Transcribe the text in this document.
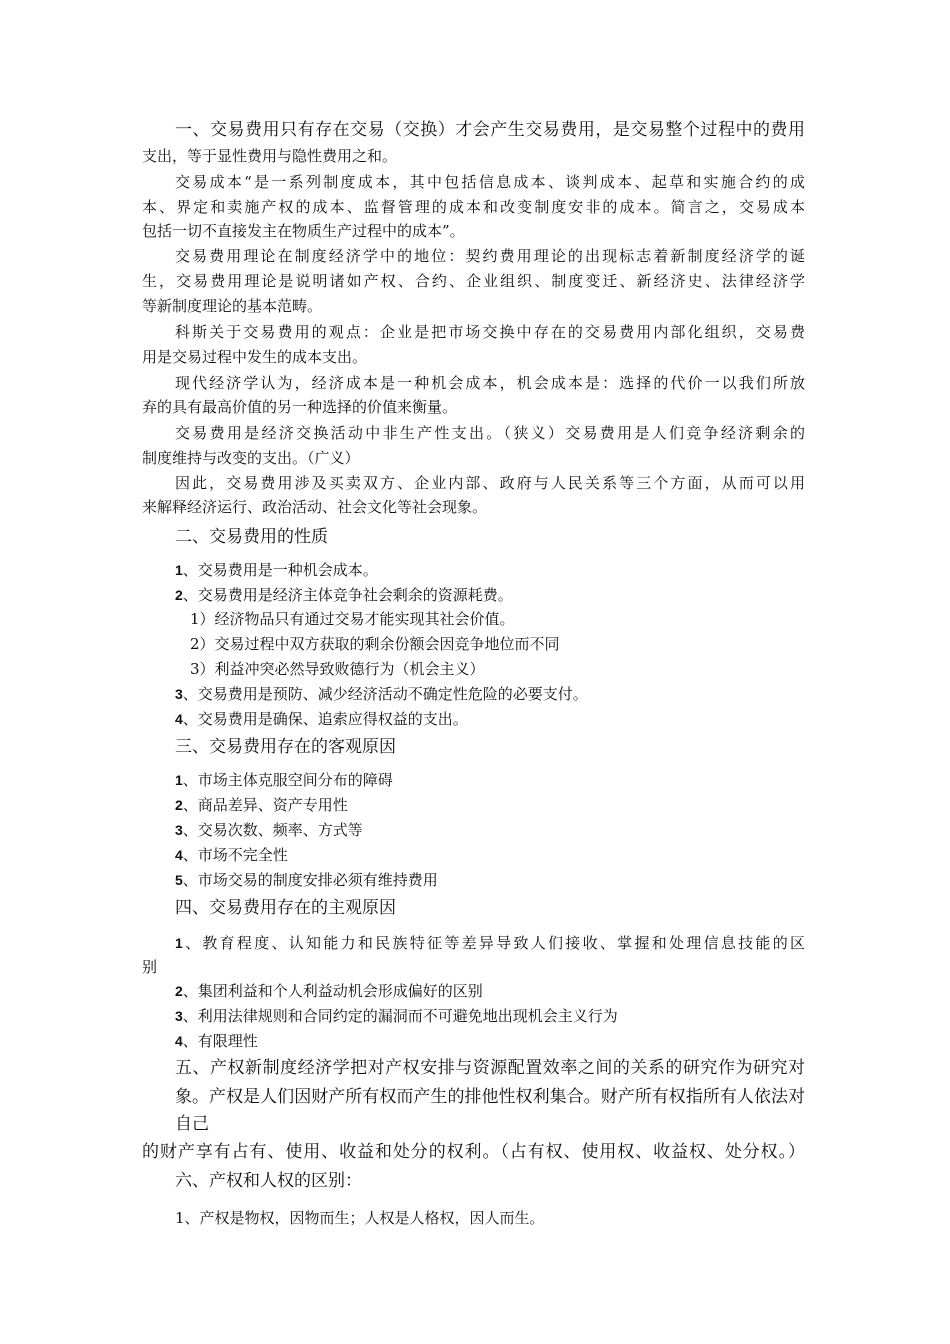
一、交易费用只有存在交易（交换）才会产生交易费用，是交易整个过程中的费用
支出，等于显性费用与隐性费用之和。
交易成本“是一系列制度成本，其中包括信息成本、谈判成本、起草和实施合约的成
本、界定和卖施产权的成本、监督管理的成本和改变制度安非的成本。简言之，交易成本
包括一切不直接发主在物质生产过程中的成本”。
交易费用理论在制度经济学中的地位：契约费用理论的出现标志着新制度经济学的诞
生，交易费用理论是说明诸如产权、合约、企业组织、制度变迁、新经济史、法律经济学
等新制度理论的基本范畴。
科斯关于交易费用的观点：企业是把市场交换中存在的交易费用内部化组织，交易费
用是交易过程中发生的成本支出。
现代经济学认为，经济成本是一种机会成本，机会成本是：选择的代价一以我们所放
弃的具有最高价值的另一种选择的价值来衡量。
交易费用是经济交换活动中非生产性支出。（狭义）交易费用是人们竞争经济剩余的
制度维持与改变的支出。（广义）
因此，交易费用涉及买卖双方、企业内部、政府与人民关系等三个方面，从而可以用
来解释经济运行、政治活动、社会文化等社会现象。
二、交易费用的性质
1、交易费用是一种机会成本。
2、交易费用是经济主体竞争社会剩余的资源耗费。
1）经济物品只有通过交易才能实现其社会价值。
2）交易过程中双方获取的剩余份额会因竞争地位而不同
3）利益冲突必然导致败德行为（机会主义）
3、交易费用是预防、减少经济活动不确定性危险的必要支付。
4、交易费用是确保、追索应得权益的支出。
三、交易费用存在的客观原因
1、市场主体克服空间分布的障碍
2、商品差异、资产专用性
3、交易次数、频率、方式等
4、市场不完全性
5、市场交易的制度安排必须有维持费用
四、交易费用存在的主观原因
1、教育程度、认知能力和民族特征等差异导致人们接收、掌握和处理信息技能的区
别
2、集团利益和个人利益动机会形成偏好的区别
3、利用法律规则和合同约定的漏洞而不可避免地出现机会主义行为
4、有限理性
五、产权新制度经济学把对产权安排与资源配置效率之间的关系的研究作为研究对
象。产权是人们因财产所有权而产生的排他性权利集合。财产所有权指所有人依法对
自己
的财产享有占有、使用、收益和处分的权利。（占有权、使用权、收益权、处分权。）
六、产权和人权的区别：
1、产权是物权，因物而生；人权是人格权，因人而生。
